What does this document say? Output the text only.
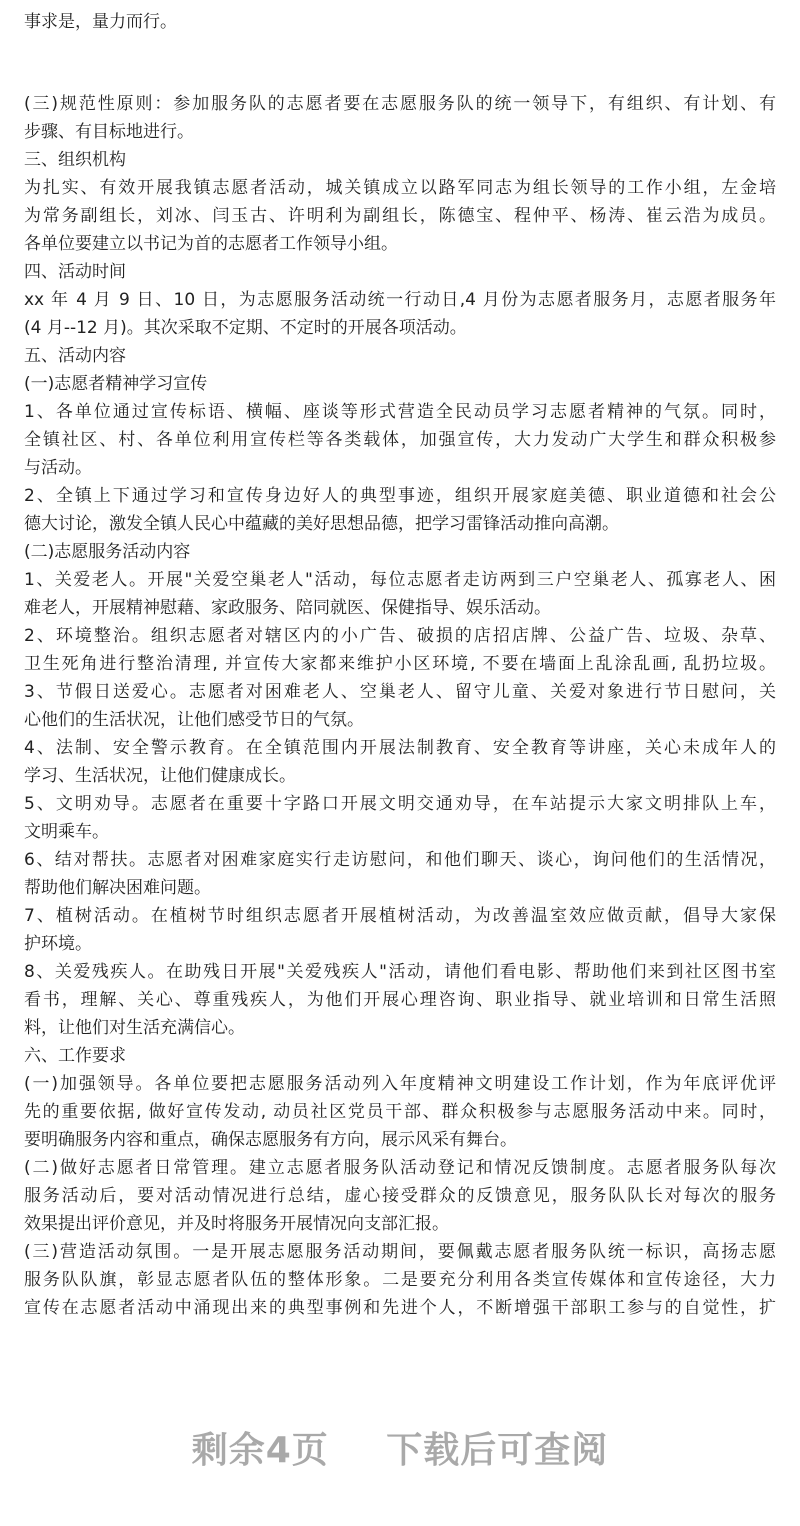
事求是，量力而行。
(三)规范性原则：参加服务队的志愿者要在志愿服务队的统一领导下，有组织、有计划、有
步骤、有目标地进行。
三、组织机构
为扎实、有效开展我镇志愿者活动，城关镇成立以路军同志为组长领导的工作小组，左金培
为常务副组长，刘冰、闫玉古、许明利为副组长，陈德宝、程仲平、杨涛、崔云浩为成员。
各单位要建立以书记为首的志愿者工作领导小组。
四、活动时间
xx 年 4 月 9 日、10 日，为志愿服务活动统一行动日,4 月份为志愿者服务月，志愿者服务年
(4 月--12 月)。其次采取不定期、不定时的开展各项活动。
五、活动内容
(一)志愿者精神学习宣传
1、各单位通过宣传标语、横幅、座谈等形式营造全民动员学习志愿者精神的气氛。同时，
全镇社区、村、各单位利用宣传栏等各类载体，加强宣传，大力发动广大学生和群众积极参
与活动。
2、全镇上下通过学习和宣传身边好人的典型事迹，组织开展家庭美德、职业道德和社会公
德大讨论，激发全镇人民心中蕴藏的美好思想品德，把学习雷锋活动推向高潮。
(二)志愿服务活动内容
1、关爱老人。开展"关爱空巢老人"活动，每位志愿者走访两到三户空巢老人、孤寡老人、困
难老人，开展精神慰藉、家政服务、陪同就医、保健指导、娱乐活动。
2、环境整治。组织志愿者对辖区内的小广告、破损的店招店牌、公益广告、垃圾、杂草、
卫生死角进行整治清理, 并宣传大家都来维护小区环境, 不要在墙面上乱涂乱画, 乱扔垃圾。
3、节假日送爱心。志愿者对困难老人、空巢老人、留守儿童、关爱对象进行节日慰问，关
心他们的生活状况，让他们感受节日的气氛。
4、法制、安全警示教育。在全镇范围内开展法制教育、安全教育等讲座，关心未成年人的
学习、生活状况，让他们健康成长。
5、文明劝导。志愿者在重要十字路口开展文明交通劝导，在车站提示大家文明排队上车，
文明乘车。
6、结对帮扶。志愿者对困难家庭实行走访慰问，和他们聊天、谈心，询问他们的生活情况，
帮助他们解决困难问题。
7、植树活动。在植树节时组织志愿者开展植树活动，为改善温室效应做贡献，倡导大家保
护环境。
8、关爱残疾人。在助残日开展"关爱残疾人"活动，请他们看电影、帮助他们来到社区图书室
看书，理解、关心、尊重残疾人，为他们开展心理咨询、职业指导、就业培训和日常生活照
料，让他们对生活充满信心。
六、工作要求
(一)加强领导。各单位要把志愿服务活动列入年度精神文明建设工作计划，作为年底评优评
先的重要依据, 做好宣传发动, 动员社区党员干部、群众积极参与志愿服务活动中来。同时，
要明确服务内容和重点，确保志愿服务有方向，展示风采有舞台。
(二)做好志愿者日常管理。建立志愿者服务队活动登记和情况反馈制度。志愿者服务队每次
服务活动后，要对活动情况进行总结，虚心接受群众的反馈意见，服务队队长对每次的服务
效果提出评价意见，并及时将服务开展情况向支部汇报。
(三)营造活动氛围。一是开展志愿服务活动期间，要佩戴志愿者服务队统一标识，高扬志愿
服务队队旗，彰显志愿者队伍的整体形象。二是要充分利用各类宣传媒体和宣传途径，大力
宣传在志愿者活动中涌现出来的典型事例和先进个人，不断增强干部职工参与的自觉性，扩
剩余4页 下载后可查阅
